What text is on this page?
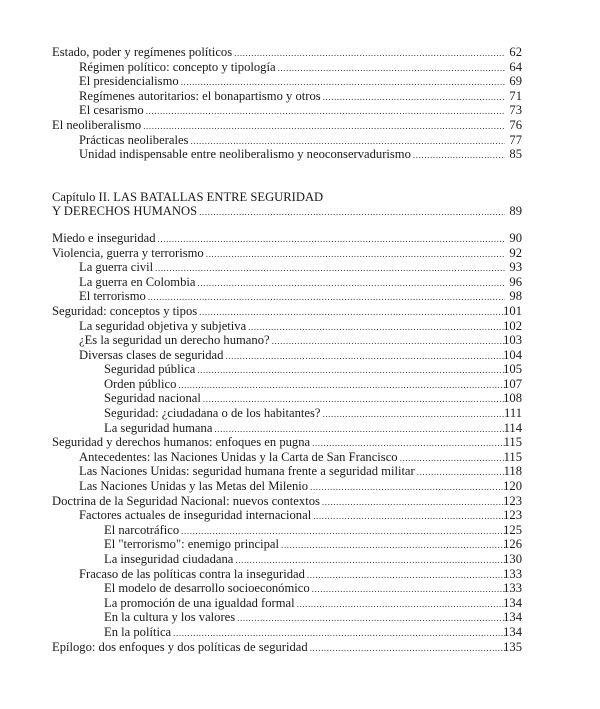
Estado, poder y regímenes políticos .....	62
Régimen político: concepto y tipología .....	64
El presidencialismo .....	69
Regímenes autoritarios: el bonapartismo y otros .....	71
El cesarismo .....	73
El neoliberalismo .....	76
Prácticas neoliberales .....	77
Unidad indispensable entre neoliberalismo y neoconservadurismo .....	85
Capítulo II. LAS BATALLAS ENTRE SEGURIDAD
Y DERECHOS HUMANOS .....	89
Miedo e inseguridad .....	90
Violencia, guerra y terrorismo .....	92
La guerra civil .....	93
La guerra en Colombia .....	96
El terrorismo .....	98
Seguridad: conceptos y tipos .....	101
La seguridad objetiva y subjetiva .....	102
¿Es la seguridad un derecho humano? .....	103
Diversas clases de seguridad .....	104
Seguridad pública .....	105
Orden público .....	107
Seguridad nacional .....	108
Seguridad: ¿ciudadana o de los habitantes? .....	111
La seguridad humana .....	114
Seguridad y derechos humanos: enfoques en pugna .....	115
Antecedentes: las Naciones Unidas y la Carta de San Francisco .....	115
Las Naciones Unidas: seguridad humana frente a seguridad militar .....	118
Las Naciones Unidas y las Metas del Milenio .....	120
Doctrina de la Seguridad Nacional: nuevos contextos .....	123
Factores actuales de inseguridad internacional .....	123
El narcotráfico .....	125
El "terrorismo": enemigo principal .....	126
La inseguridad ciudadana .....	130
Fracaso de las políticas contra la inseguridad .....	133
El modelo de desarrollo socioeconómico .....	133
La promoción de una igualdad formal .....	134
En la cultura y los valores .....	134
En la política .....	134
Epílogo: dos enfoques y dos políticas de seguridad .....	135
